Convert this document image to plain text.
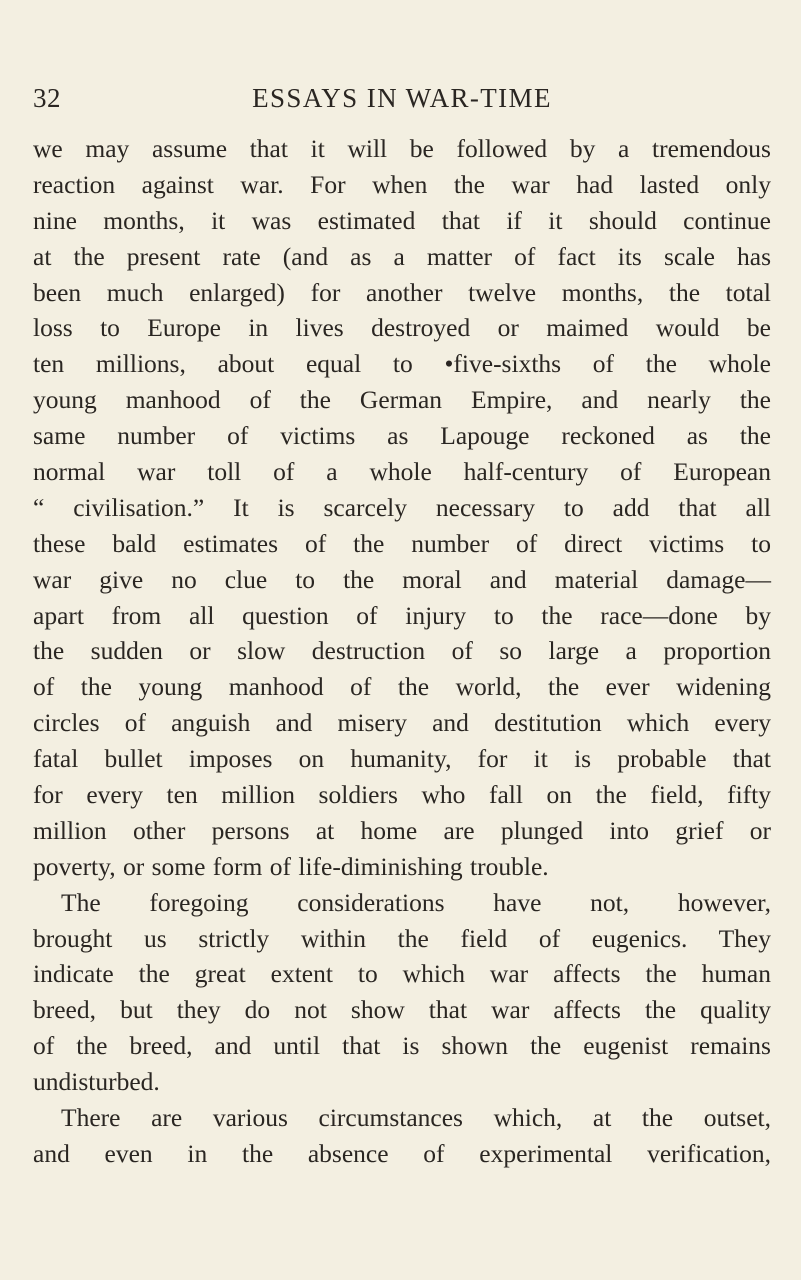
32	ESSAYS IN WAR-TIME
we may assume that it will be followed by a tremendous
reaction against war. For when the war had lasted only
nine months, it was estimated that if it should continue
at the present rate (and as a matter of fact its scale has
been much enlarged) for another twelve months, the total
loss to Europe in lives destroyed or maimed would be
ten millions, about equal to •five-sixths of the whole
young manhood of the German Empire, and nearly the
same number of victims as Lapouge reckoned as the
normal war toll of a whole half-century of European
“ civilisation.” It is scarcely necessary to add that all
these bald estimates of the number of direct victims to
war give no clue to the moral and material damage—
apart from all question of injury to the race—done by
the sudden or slow destruction of so large a proportion
of the young manhood of the world, the ever widening
circles of anguish and misery and destitution which every
fatal bullet imposes on humanity, for it is probable that
for every ten million soldiers who fall on the field, fifty
million other persons at home are plunged into grief or
poverty, or some form of life-diminishing trouble.
The foregoing considerations have not, however,
brought us strictly within the field of eugenics. They
indicate the great extent to which war affects the human
breed, but they do not show that war affects the quality
of the breed, and until that is shown the eugenist remains
undisturbed.
There are various circumstances which, at the outset,
and even in the absence of experimental verification,
